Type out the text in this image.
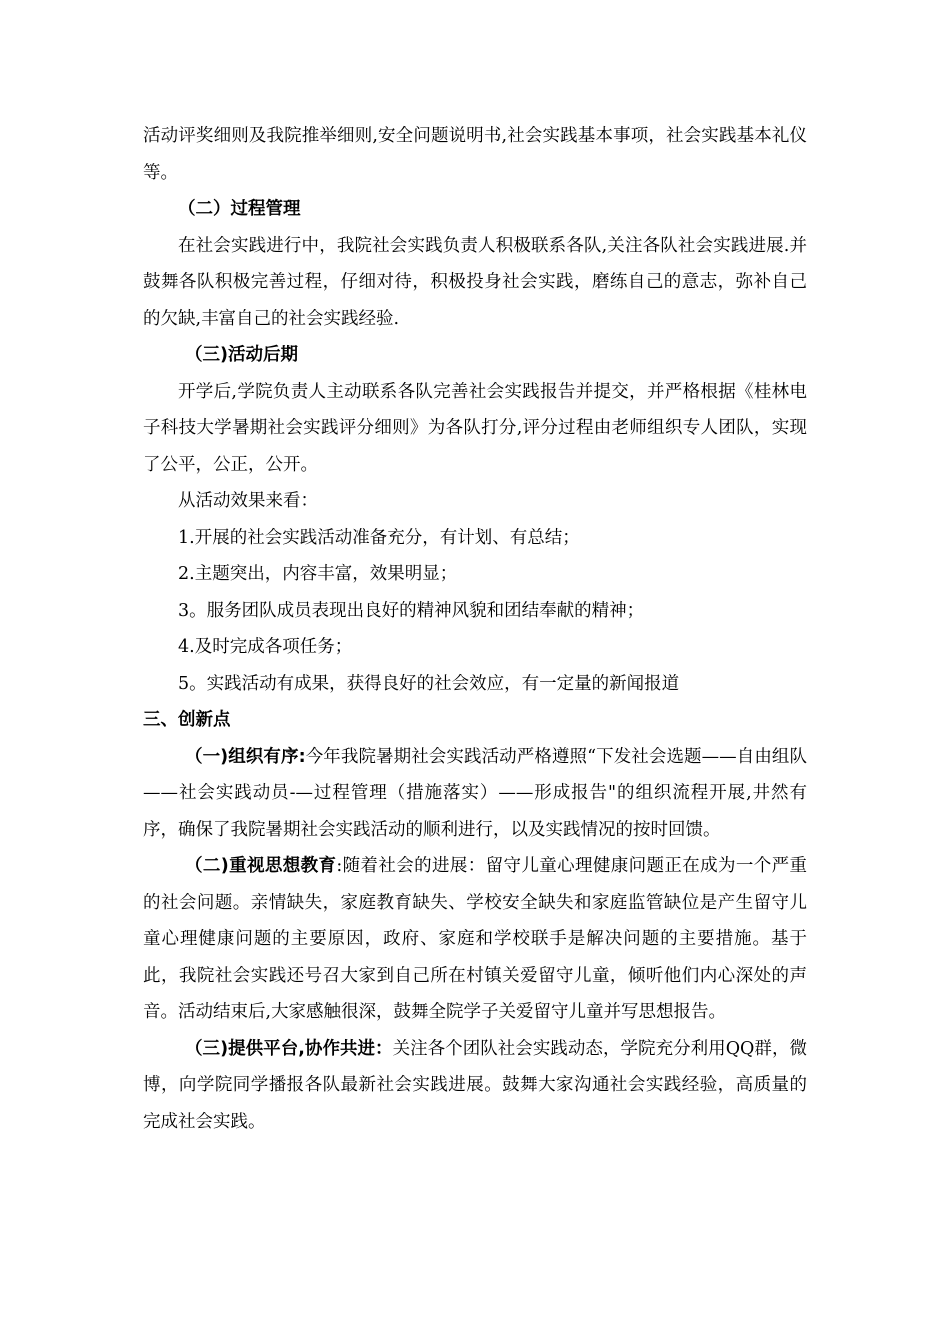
活动评奖细则及我院推举细则,安全问题说明书,社会实践基本事项，社会实践基本礼仪等。

（二）过程管理

在社会实践进行中，我院社会实践负责人积极联系各队,关注各队社会实践进展.并鼓舞各队积极完善过程，仔细对待，积极投身社会实践，磨练自己的意志，弥补自己的欠缺,丰富自己的社会实践经验.

（三)活动后期

开学后,学院负责人主动联系各队完善社会实践报告并提交，并严格根据《桂林电子科技大学暑期社会实践评分细则》为各队打分,评分过程由老师组织专人团队，实现了公平，公正，公开。

从活动效果来看：

1.开展的社会实践活动准备充分，有计划、有总结；

2.主题突出，内容丰富，效果明显；

3。服务团队成员表现出良好的精神风貌和团结奉献的精神；

4.及时完成各项任务；

5。实践活动有成果，获得良好的社会效应，有一定量的新闻报道

三、创新点

（一)组织有序:今年我院暑期社会实践活动严格遵照“下发社会选题——自由组队——社会实践动员-—过程管理（措施落实）——形成报告"的组织流程开展,井然有序，确保了我院暑期社会实践活动的顺利进行，以及实践情况的按时回馈。

（二)重视思想教育:随着社会的进展：留守儿童心理健康问题正在成为一个严重的社会问题。亲情缺失，家庭教育缺失、学校安全缺失和家庭监管缺位是产生留守儿童心理健康问题的主要原因，政府、家庭和学校联手是解决问题的主要措施。基于此，我院社会实践还号召大家到自己所在村镇关爱留守儿童，倾听他们内心深处的声音。活动结束后,大家感触很深，鼓舞全院学子关爱留守儿童并写思想报告。

（三)提供平台,协作共进：关注各个团队社会实践动态，学院充分利用QQ群，微博，向学院同学播报各队最新社会实践进展。鼓舞大家沟通社会实践经验，高质量的完成社会实践。
